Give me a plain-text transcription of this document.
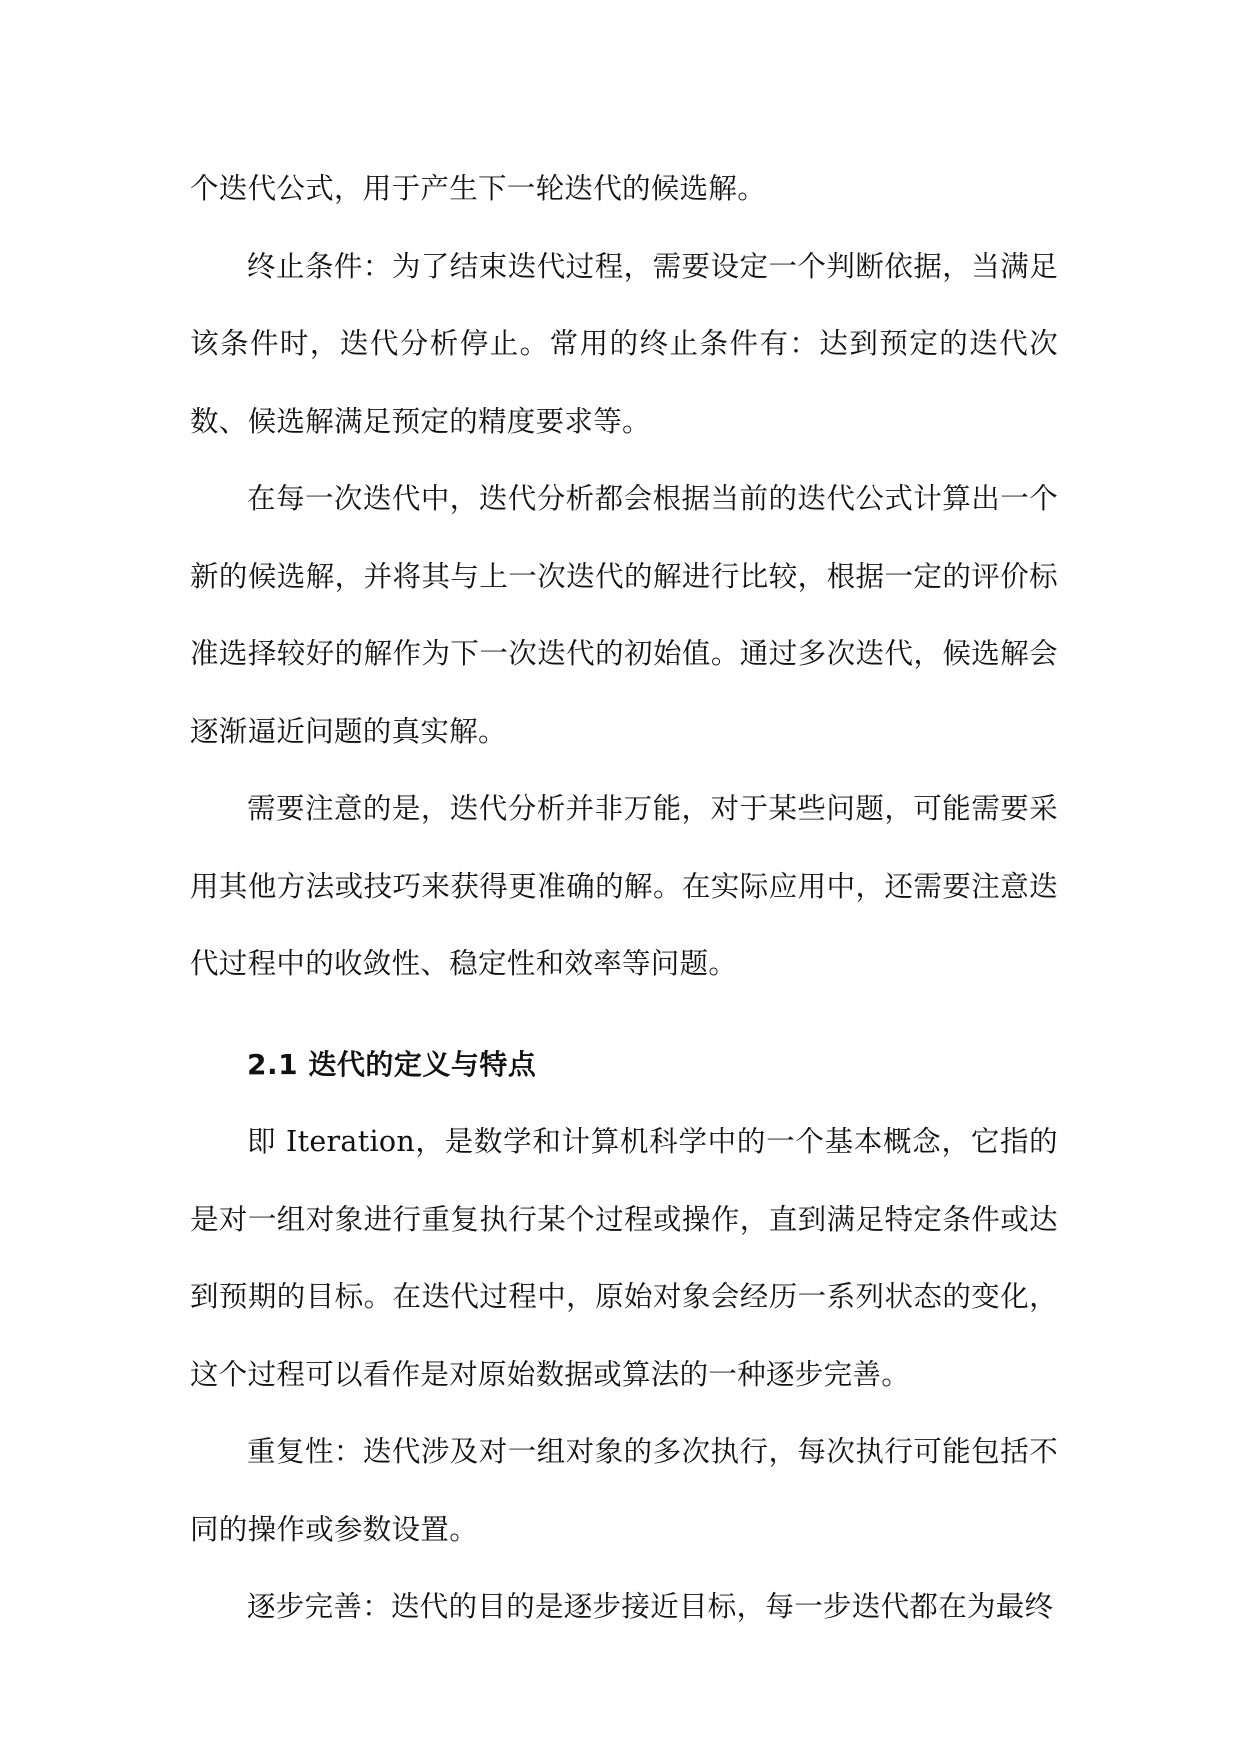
个迭代公式，用于产生下一轮迭代的候选解。

终止条件：为了结束迭代过程，需要设定一个判断依据，当满足该条件时，迭代分析停止。常用的终止条件有：达到预定的迭代次数、候选解满足预定的精度要求等。

在每一次迭代中，迭代分析都会根据当前的迭代公式计算出一个新的候选解，并将其与上一次迭代的解进行比较，根据一定的评价标准选择较好的解作为下一次迭代的初始值。通过多次迭代，候选解会逐渐逼近问题的真实解。

需要注意的是，迭代分析并非万能，对于某些问题，可能需要采用其他方法或技巧来获得更准确的解。在实际应用中，还需要注意迭代过程中的收敛性、稳定性和效率等问题。

2.1 迭代的定义与特点

即 Iteration，是数学和计算机科学中的一个基本概念，它指的是对一组对象进行重复执行某个过程或操作，直到满足特定条件或达到预期的目标。在迭代过程中，原始对象会经历一系列状态的变化，这个过程可以看作是对原始数据或算法的一种逐步完善。

重复性：迭代涉及对一组对象的多次执行，每次执行可能包括不同的操作或参数设置。

逐步完善：迭代的目的是逐步接近目标，每一步迭代都在为最终
